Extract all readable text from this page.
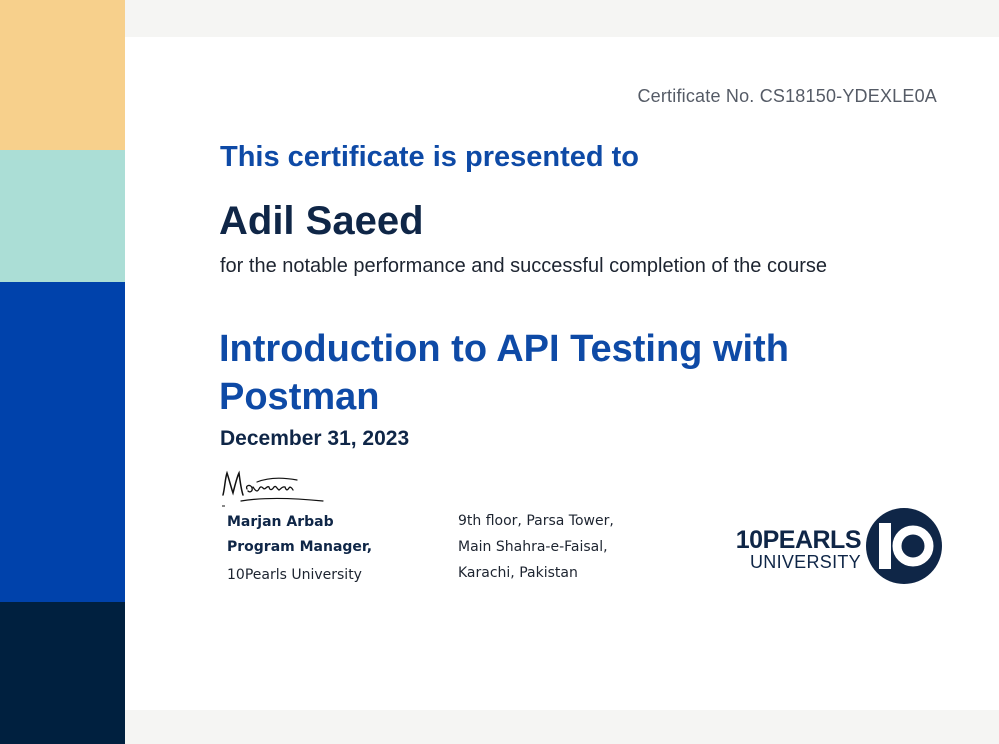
Certificate No. CS18150-YDEXLE0A
This certificate is presented to
Adil Saeed
for the notable performance and successful completion of the course
Introduction to API Testing with Postman
December 31, 2023
Marjan Arbab
Program Manager,
10Pearls University
9th floor, Parsa Tower,
Main Shahra-e-Faisal,
Karachi, Pakistan
10PEARLS
UNIVERSITY
